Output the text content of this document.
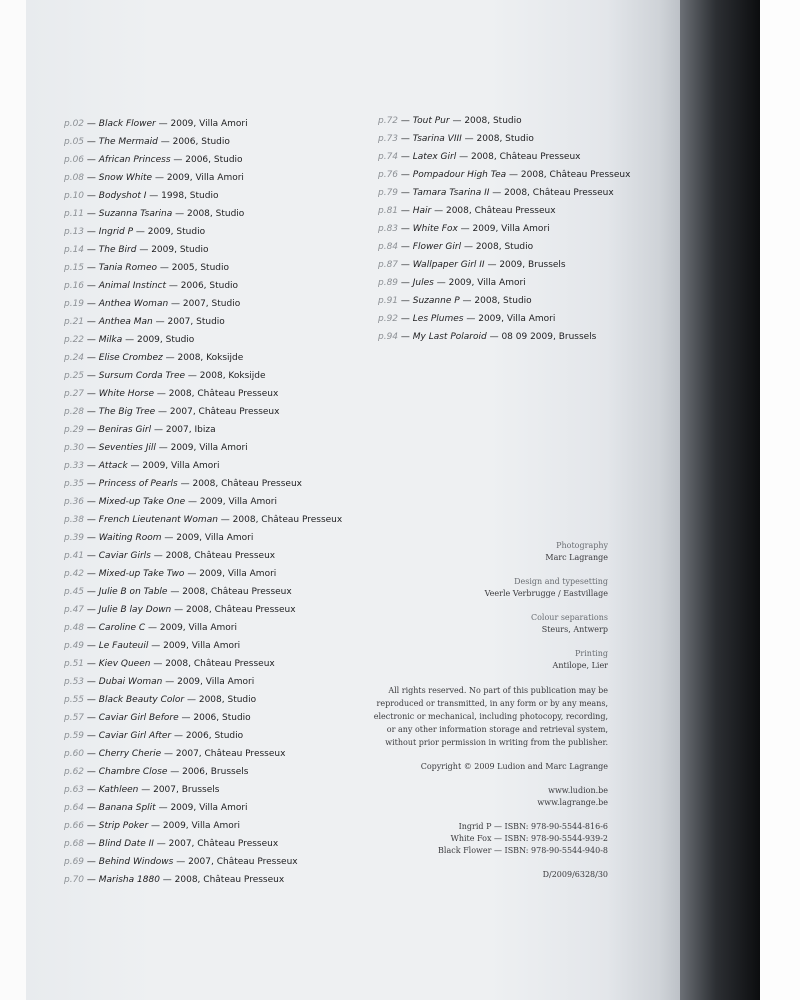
p.02 — Black Flower — 2009, Villa Amori
p.05 — The Mermaid — 2006, Studio
p.06 — African Princess — 2006, Studio
p.08 — Snow White — 2009, Villa Amori
p.10 — Bodyshot I — 1998, Studio
p.11 — Suzanna Tsarina — 2008, Studio
p.13 — Ingrid P — 2009, Studio
p.14 — The Bird — 2009, Studio
p.15 — Tania Romeo — 2005, Studio
p.16 — Animal Instinct — 2006, Studio
p.19 — Anthea Woman — 2007, Studio
p.21 — Anthea Man — 2007, Studio
p.22 — Milka — 2009, Studio
p.24 — Elise Crombez — 2008, Koksijde
p.25 — Sursum Corda Tree — 2008, Koksijde
p.27 — White Horse — 2008, Château Presseux
p.28 — The Big Tree — 2007, Château Presseux
p.29 — Beniras Girl — 2007, Ibiza
p.30 — Seventies Jill — 2009, Villa Amori
p.33 — Attack — 2009, Villa Amori
p.35 — Princess of Pearls — 2008, Château Presseux
p.36 — Mixed-up Take One — 2009, Villa Amori
p.38 — French Lieutenant Woman — 2008, Château Presseux
p.39 — Waiting Room — 2009, Villa Amori
p.41 — Caviar Girls — 2008, Château Presseux
p.42 — Mixed-up Take Two — 2009, Villa Amori
p.45 — Julie B on Table — 2008, Château Presseux
p.47 — Julie B lay Down — 2008, Château Presseux
p.48 — Caroline C — 2009, Villa Amori
p.49 — Le Fauteuil — 2009, Villa Amori
p.51 — Kiev Queen — 2008, Château Presseux
p.53 — Dubai Woman — 2009, Villa Amori
p.55 — Black Beauty Color — 2008, Studio
p.57 — Caviar Girl Before — 2006, Studio
p.59 — Caviar Girl After — 2006, Studio
p.60 — Cherry Cherie — 2007, Château Presseux
p.62 — Chambre Close — 2006, Brussels
p.63 — Kathleen — 2007, Brussels
p.64 — Banana Split — 2009, Villa Amori
p.66 — Strip Poker — 2009, Villa Amori
p.68 — Blind Date II — 2007, Château Presseux
p.69 — Behind Windows — 2007, Château Presseux
p.70 — Marisha 1880 — 2008, Château Presseux
p.72 — Tout Pur — 2008, Studio
p.73 — Tsarina VIII — 2008, Studio
p.74 — Latex Girl — 2008, Château Presseux
p.76 — Pompadour High Tea — 2008, Château Presseux
p.79 — Tamara Tsarina II — 2008, Château Presseux
p.81 — Hair — 2008, Château Presseux
p.83 — White Fox — 2009, Villa Amori
p.84 — Flower Girl — 2008, Studio
p.87 — Wallpaper Girl II — 2009, Brussels
p.89 — Jules — 2009, Villa Amori
p.91 — Suzanne P — 2008, Studio
p.92 — Les Plumes — 2009, Villa Amori
p.94 — My Last Polaroid — 08 09 2009, Brussels
Photography
Marc Lagrange
Design and typesetting
Veerle Verbrugge / Eastvillage
Colour separations
Steurs, Antwerp
Printing
Antilope, Lier
All rights reserved. No part of this publication may be
reproduced or transmitted, in any form or by any means,
electronic or mechanical, including photocopy, recording,
or any other information storage and retrieval system,
without prior permission in writing from the publisher.
Copyright © 2009 Ludion and Marc Lagrange
www.ludion.be
www.lagrange.be
Ingrid P — ISBN: 978-90-5544-816-6
White Fox — ISBN: 978-90-5544-939-2
Black Flower — ISBN: 978-90-5544-940-8
D/2009/6328/30
